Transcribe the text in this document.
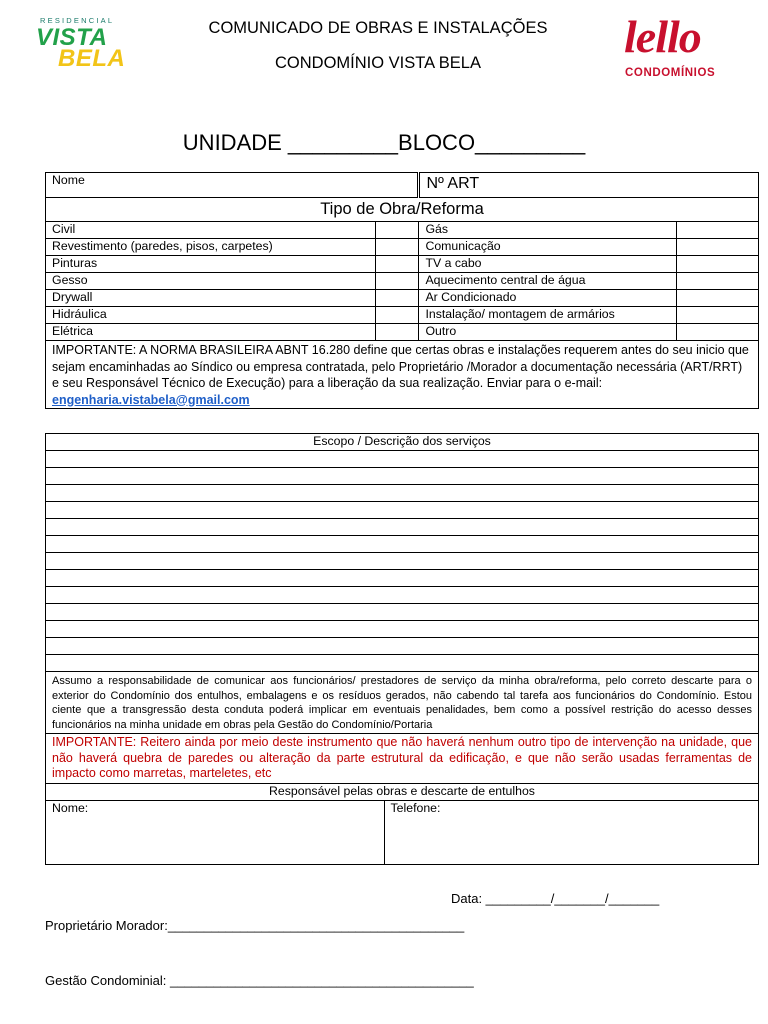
RESIDENCIAL
VISTA
BELA
COMUNICADO DE OBRAS E INSTALAÇÕES
CONDOMÍNIO VISTA BELA
lello
CONDOMÍNIOS
UNIDADE _________BLOCO_________
Nome		Nº ART	
Tipo de Obra/Reforma			
Civil		Gás	
Revestimento (paredes, pisos, carpetes)		Comunicação	
Pinturas		TV a cabo	
Gesso		Aquecimento central de água	
Drywall		Ar Condicionado	
Hidráulica		Instalação/ montagem de armários	
Elétrica		Outro	
IMPORTANTE: A NORMA BRASILEIRA ABNT 16.280 define que certas obras e instalações requerem antes do seu inicio que sejam encaminhadas ao Síndico ou empresa contratada, pelo Proprietário /Morador a documentação necessária (ART/RRT) e seu Responsável Técnico de Execução) para a liberação da sua realização. Enviar para o e-mail: engenharia.vistabela@gmail.com			
Escopo / Descrição dos serviços

Assumo a responsabilidade de comunicar aos funcionários/ prestadores de serviço da minha obra/reforma, pelo correto descarte para o exterior do Condomínio dos entulhos, embalagens e os resíduos gerados, não cabendo tal tarefa aos funcionários do Condomínio. Estou ciente que a transgressão desta conduta poderá implicar em eventuais penalidades, bem como a possível restrição do acesso desses funcionários na minha unidade em obras pela Gestão do Condomínio/Portaria
IMPORTANTE: Reitero ainda por meio deste instrumento que não haverá nenhum outro tipo de intervenção na unidade, que não haverá quebra de paredes ou alteração da parte estrutural da edificação, e que não serão usadas ferramentas de impacto como marretas, marteletes, etc
Responsável pelas obras e descarte de entulhos
Nome:	Telefone:
Data: _________/_______/_______
Proprietário Morador:_________________________________________
Gestão Condominial: __________________________________________
